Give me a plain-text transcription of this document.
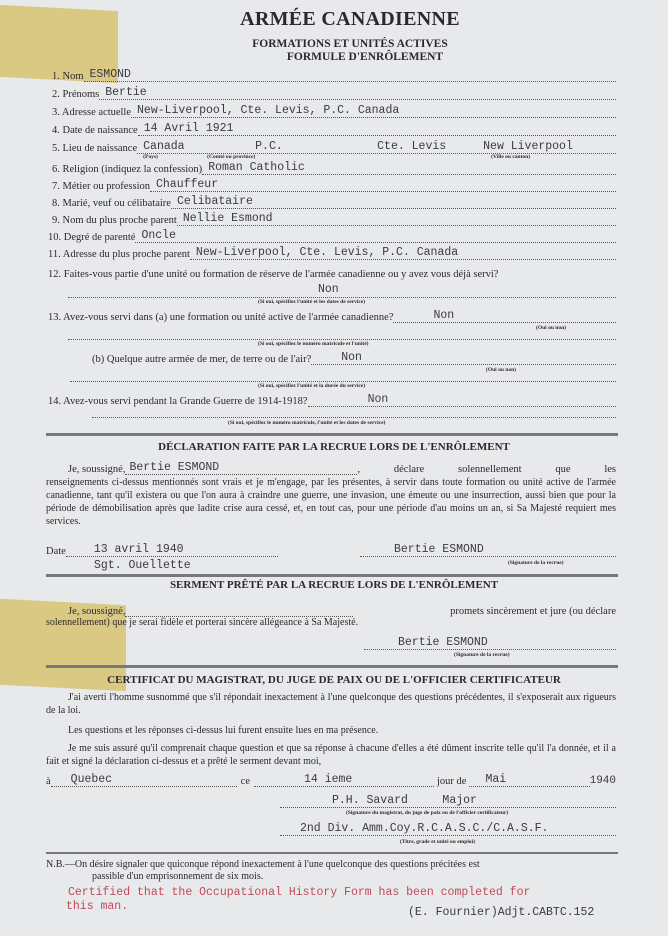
ARMÉE CANADIENNE
FORMATIONS ET UNITÉS ACTIVES
FORMULE D'ENRÔLEMENT
1. Nom ESMOND
2. Prénoms Bertie
3. Adresse actuelle New-Liverpool, Cte. Levis, P.C. Canada
4. Date de naissance 14 Avril 1921
5. Lieu de naissance Canada	P.C.	Cte. Levis	New Liverpool
(Pays)	(Comté ou province)	(Ville ou canton)
6. Religion (indiquez la confession) Roman Catholic
7. Métier ou profession Chauffeur
8. Marié, veuf ou célibataire Celibataire
9. Nom du plus proche parent Nellie Esmond
10. Degré de parenté Oncle
11. Adresse du plus proche parent New-Liverpool, Cte. Levis, P.C. Canada
12. Faites-vous partie d'une unité ou formation de réserve de l'armée canadienne ou y avez vous déjà servi?
Non
(Si oui, spécifiez l'unité et les dates de service)
13. Avez-vous servi dans (a) une formation ou unité active de l'armée canadienne?	Non
(Oui ou non)
(Si oui, spécifiez le numéro matricule et l'unité)
(b) Quelque autre armée de mer, de terre ou de l'air?	Non
(Oui ou non)
(Si oui, spécifiez l'unité et la durée du service)
14. Avez-vous servi pendant la Grande Guerre de 1914-1918?	Non
(Si oui, spécifiez le numéro matricule, l'unité et les dates de service)
DÉCLARATION FAITE PAR LA RECRUE LORS DE L'ENRÔLEMENT
Je, soussigné, Bertie ESMOND	, déclare solennellement que les
renseignements ci-dessus mentionnés sont vrais et je m'engage, par les présentes, à servir dans toute formation ou unité active de l'armée canadienne, tant qu'il existera ou que l'on aura à craindre une guerre, une invasion, une émeute ou une insurrection, aussi bien que pour la période de démobilisation après que ladite crise aura cessé, et, en tout cas, pour une période d'au moins un an, si Sa Majesté requiert mes services.
Date 13 avril 1940	Bertie ESMOND
(Signature de la recrue)
Sgt. Ouellette
SERMENT PRÊTÉ PAR LA RECRUE LORS DE L'ENRÔLEMENT
Je, soussigné,	promets sincèrement et jure (ou déclare
solennellement) que je serai fidèle et porterai sincère allégeance à Sa Majesté.
Bertie ESMOND
(Signature de la recrue)
CERTIFICAT DU MAGISTRAT, DU JUGE DE PAIX OU DE L'OFFICIER CERTIFICATEUR
J'ai averti l'homme susnommé que s'il répondait inexactement à l'une quelconque des questions précédentes, il s'exposerait aux rigueurs de la loi.
Les questions et les réponses ci-dessus lui furent ensuite lues en ma présence.
Je me suis assuré qu'il comprenait chaque question et que sa réponse à chacune d'elles a été dûment inscrite telle qu'il l'a donnée, et il a fait et signé la déclaration ci-dessus et a prêté le serment devant moi,
à Quebec	ce	14 ieme	jour de Mai	1940
P.H. Savard     Major
(Signature du magistrat, du juge de paix ou de l'officier certificateur)
2nd Div. Amm.Coy.R.C.A.S.C./C.A.S.F.
(Titre, grade et unité ou emploi)
N.B.—On désire signaler que quiconque répond inexactement à l'une quelconque des questions précitées est
passible d'un emprisonnement de six mois.
Certified that the Occupational History Form has been completed for
this man.	(E. Fournier)Adjt.CABTC.152
